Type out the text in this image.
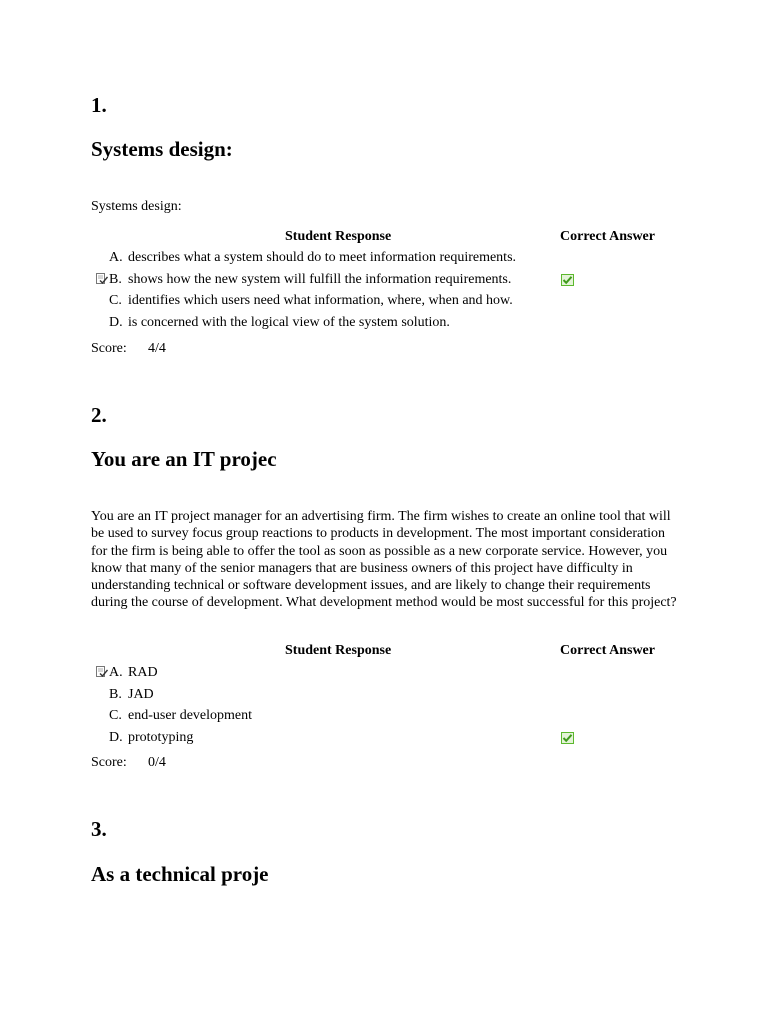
1.
Systems design:

Systems design:

Student Response	Correct Answer
A. describes what a system should do to meet information requirements.
B. shows how the new system will fulfill the information requirements.
C. identifies which users need what information, where, when and how.
D. is concerned with the logical view of the system solution.
Score: 4/4
2.
You are an IT projec

You are an IT project manager for an advertising firm. The firm wishes to create an online tool that will be used to survey focus group reactions to products in development. The most important consideration for the firm is being able to offer the tool as soon as possible as a new corporate service. However, you know that many of the senior managers that are business owners of this project have difficulty in understanding technical or software development issues, and are likely to change their requirements during the course of development. What development method would be most successful for this project?

Student Response	Correct Answer
A. RAD
B. JAD
C. end-user development
D. prototyping
Score: 0/4
3.
As a technical proje
